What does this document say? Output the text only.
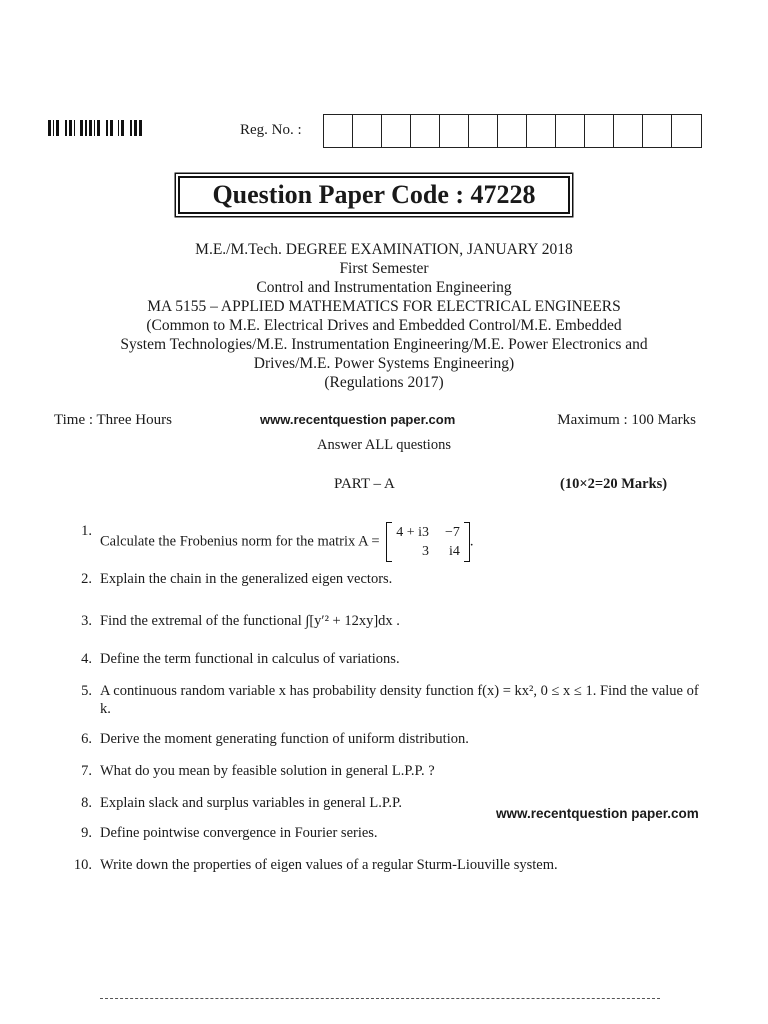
Reg. No. :
Question Paper Code : 47228
M.E./M.Tech. DEGREE EXAMINATION, JANUARY 2018
First Semester
Control and Instrumentation Engineering
MA 5155 – APPLIED MATHEMATICS FOR ELECTRICAL ENGINEERS
(Common to M.E. Electrical Drives and Embedded Control/M.E. Embedded
System Technologies/M.E. Instrumentation Engineering/M.E. Power Electronics and
Drives/M.E. Power Systems Engineering)
(Regulations 2017)
Time : Three Hours	www.recentquestion paper.com	Maximum : 100 Marks
Answer ALL questions
PART – A	(10×2=20 Marks)
1.
Calculate the Frobenius norm for the matrix A =
4 + i3 −7
3 i4
.
2. Explain the chain in the generalized eigen vectors.
3. Find the extremal of the functional ∫[y′² + 12xy]dx .
4. Define the term functional in calculus of variations.
5. A continuous random variable x has probability density function f(x) = kx², 0 ≤ x ≤ 1. Find the value of k.
6. Derive the moment generating function of uniform distribution.
7. What do you mean by feasible solution in general L.P.P. ?
8. Explain slack and surplus variables in general L.P.P.
www.recentquestion paper.com
9. Define pointwise convergence in Fourier series.
10. Write down the properties of eigen values of a regular Sturm-Liouville system.
